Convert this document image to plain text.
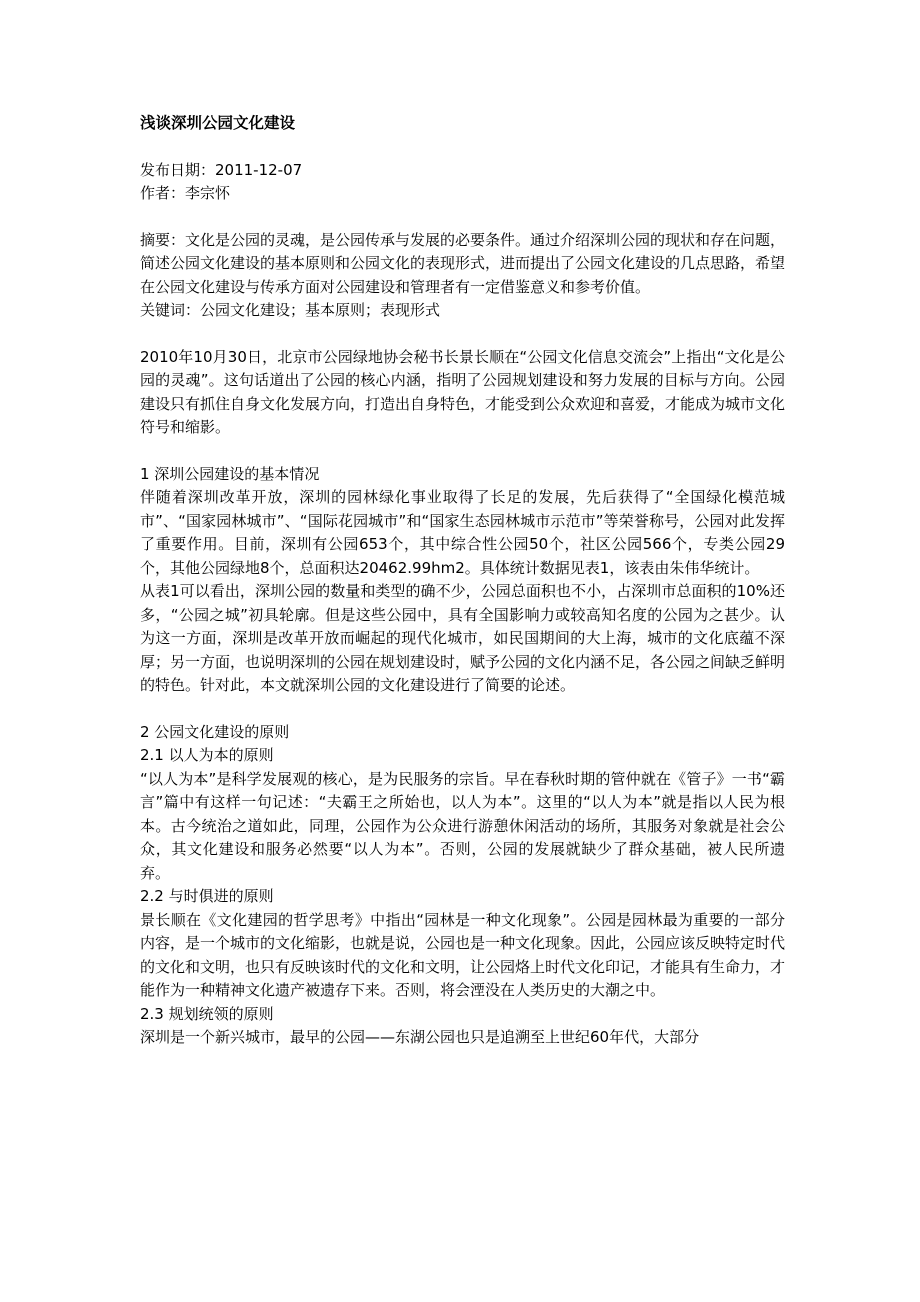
浅谈深圳公园文化建设
发布日期：2011-12-07
作者：李宗怀
摘要：文化是公园的灵魂，是公园传承与发展的必要条件。通过介绍深圳公园的现状和存在问题，简述公园文化建设的基本原则和公园文化的表现形式，进而提出了公园文化建设的几点思路，希望在公园文化建设与传承方面对公园建设和管理者有一定借鉴意义和参考价值。
关键词：公园文化建设；基本原则；表现形式
2010年10月30日，北京市公园绿地协会秘书长景长顺在“公园文化信息交流会”上指出“文化是公园的灵魂”。这句话道出了公园的核心内涵，指明了公园规划建设和努力发展的目标与方向。公园建设只有抓住自身文化发展方向，打造出自身特色，才能受到公众欢迎和喜爱，才能成为城市文化符号和缩影。
1 深圳公园建设的基本情况
伴随着深圳改革开放，深圳的园林绿化事业取得了长足的发展，先后获得了“全国绿化模范城市”、“国家园林城市”、“国际花园城市”和“国家生态园林城市示范市”等荣誉称号，公园对此发挥了重要作用。目前，深圳有公园653个，其中综合性公园50个，社区公园566个，专类公园29个，其他公园绿地8个，总面积达20462.99hm2。具体统计数据见表1，该表由朱伟华统计。
从表1可以看出，深圳公园的数量和类型的确不少，公园总面积也不小，占深圳市总面积的10%还多，“公园之城”初具轮廓。但是这些公园中，具有全国影响力或较高知名度的公园为之甚少。认为这一方面，深圳是改革开放而崛起的现代化城市，如民国期间的大上海，城市的文化底蕴不深厚；另一方面，也说明深圳的公园在规划建设时，赋予公园的文化内涵不足，各公园之间缺乏鲜明的特色。针对此，本文就深圳公园的文化建设进行了简要的论述。
2 公园文化建设的原则
2.1 以人为本的原则
“以人为本”是科学发展观的核心，是为民服务的宗旨。早在春秋时期的管仲就在《管子》一书“霸言”篇中有这样一句记述：“夫霸王之所始也，以人为本”。这里的“以人为本”就是指以人民为根本。古今统治之道如此，同理，公园作为公众进行游憩休闲活动的场所，其服务对象就是社会公众，其文化建设和服务必然要“以人为本”。否则，公园的发展就缺少了群众基础，被人民所遗弃。
2.2 与时俱进的原则
景长顺在《文化建园的哲学思考》中指出“园林是一种文化现象”。公园是园林最为重要的一部分内容，是一个城市的文化缩影，也就是说，公园也是一种文化现象。因此，公园应该反映特定时代的文化和文明，也只有反映该时代的文化和文明，让公园烙上时代文化印记，才能具有生命力，才能作为一种精神文化遗产被遗存下来。否则，将会湮没在人类历史的大潮之中。
2.3 规划统领的原则
深圳是一个新兴城市，最早的公园——东湖公园也只是追溯至上世纪60年代，大部分
